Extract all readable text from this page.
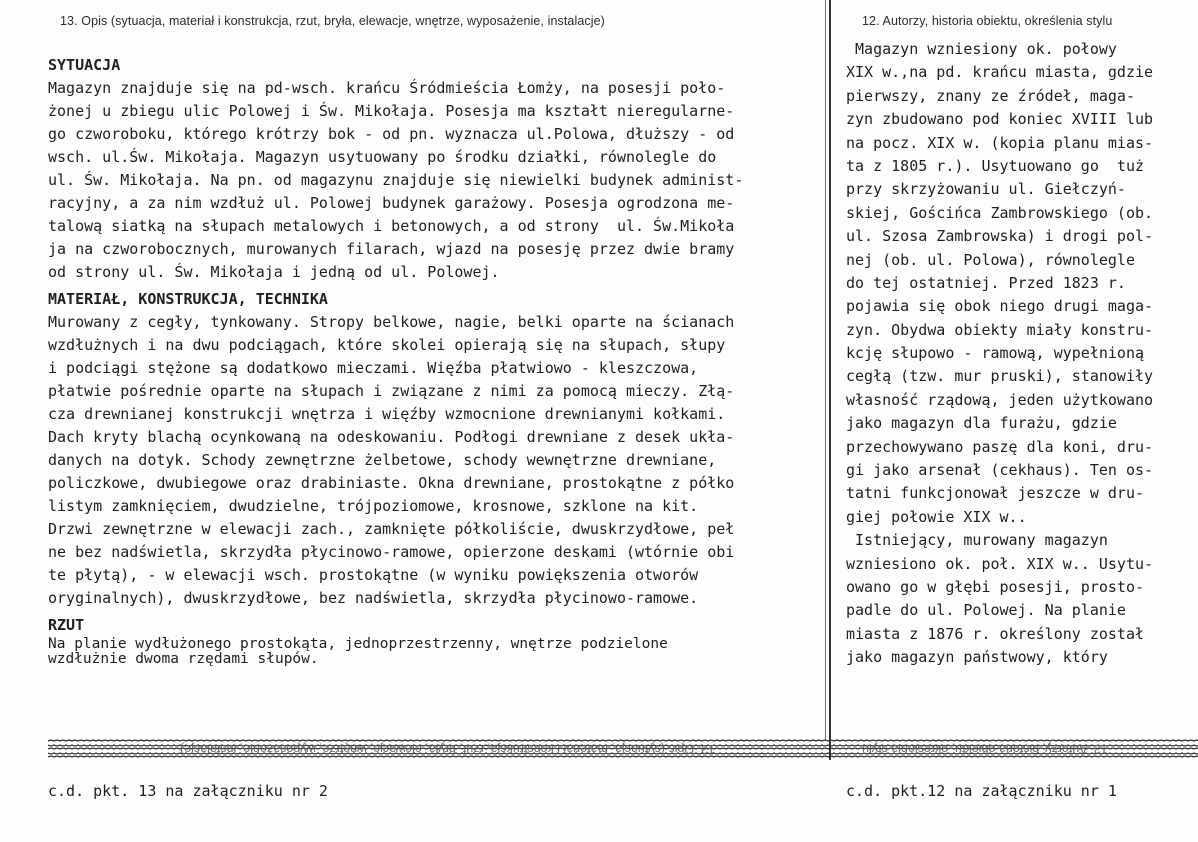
13. Opis (sytuacja, materiał i konstrukcja, rzut, bryła, elewacje, wnętrze, wyposażenie, instalacje)	12. Autorzy, historia obiektu, określenia stylu
SYTUACJA
Magazyn znajduje się na pd-wsch. krańcu Śródmieścia Łomży, na posesji poło-
żonej u zbiegu ulic Polowej i Św. Mikołaja. Posesja ma kształt nieregularne-
go czworoboku, którego krótrzy bok - od pn. wyznacza ul.Polowa, dłuższy - od
wsch. ul.Św. Mikołaja. Magazyn usytuowany po środku działki, równolegle do
ul. Św. Mikołaja. Na pn. od magazynu znajduje się niewielki budynek administ-
racyjny, a za nim wzdłuż ul. Polowej budynek garażowy. Posesja ogrodzona me-
talową siatką na słupach metalowych i betonowych, a od strony  ul. Św.Mikoła
ja na czworobocznych, murowanych filarach, wjazd na posesję przez dwie bramy
od strony ul. Św. Mikołaja i jedną od ul. Polowej.
MATERIAŁ, KONSTRUKCJA, TECHNIKA
Murowany z cegły, tynkowany. Stropy belkowe, nagie, belki oparte na ścianach
wzdłużnych i na dwu podciągach, które skolei opierają się na słupach, słupy
i podciągi stężone są dodatkowo mieczami. Więźba płatwiowo - kleszczowa,
płatwie pośrednie oparte na słupach i związane z nimi za pomocą mieczy. Złą-
cza drewnianej konstrukcji wnętrza i więźby wzmocnione drewnianymi kołkami.
Dach kryty blachą ocynkowaną na odeskowaniu. Podłogi drewniane z desek ukła-
danych na dotyk. Schody zewnętrzne żelbetowe, schody wewnętrzne drewniane,
policzkowe, dwubiegowe oraz drabiniaste. Okna drewniane, prostokątne z półko
listym zamknięciem, dwudzielne, trójpoziomowe, krosnowe, szklone na kit.
Drzwi zewnętrzne w elewacji zach., zamknięte półkoliście, dwuskrzydłowe, peł
ne bez nadświetla, skrzydła płycinowo-ramowe, opierzone deskami (wtórnie obi
te płytą), - w elewacji wsch. prostokątne (w wyniku powiększenia otworów
oryginalnych), dwuskrzydłowe, bez nadświetla, skrzydła płycinowo-ramowe.
RZUT
Na planie wydłużonego prostokąta, jednoprzestrzenny, wnętrze podzielone
wzdłużnie dwoma rzędami słupów.
Magazyn wzniesiony ok. połowy
XIX w.,na pd. krańcu miasta, gdzie
pierwszy, znany ze źródeł, maga-
zyn zbudowano pod koniec XVIII lub
na pocz. XIX w. (kopia planu mias-
ta z 1805 r.). Usytuowano go  tuż
przy skrzyżowaniu ul. Giełczyń-
skiej, Gościńca Zambrowskiego (ob.
ul. Szosa Zambrowska) i drogi pol-
nej (ob. ul. Polowa), równolegle
do tej ostatniej. Przed 1823 r.
pojawia się obok niego drugi maga-
zyn. Obydwa obiekty miały konstru-
kcję słupowo - ramową, wypełnioną
cegłą (tzw. mur pruski), stanowiły
własność rządową, jeden użytkowano
jako magazyn dla furażu, gdzie
przechowywano paszę dla koni, dru-
gi jako arsenał (cekhaus). Ten os-
tatni funkcjonował jeszcze w dru-
giej połowie XIX w..
Istniejący, murowany magazyn
wzniesiono ok. poł. XIX w.. Usytu-
owano go w głębi posesji, prosto-
padle do ul. Polowej. Na planie
miasta z 1876 r. określony został
jako magazyn państwowy, który
13. Opis (sytuacja, materiał i konstrukcja, rzut, bryła, elewacje, wnętrze, wyposażenie, instalacje)	12. Autorzy, historia obiektu, określenia stylu
c.d. pkt. 13 na załączniku nr 2	c.d. pkt.12 na załączniku nr 1
